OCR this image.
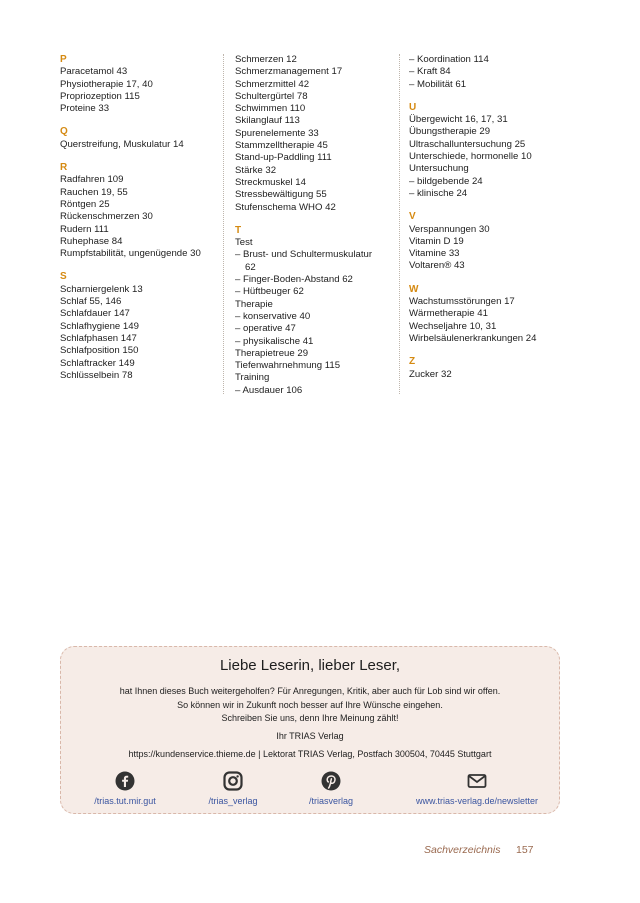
P
Paracetamol 43
Physiotherapie 17, 40
Propriozeption 115
Proteine 33
Q
Querstreifung, Muskulatur 14
R
Radfahren 109
Rauchen 19, 55
Röntgen 25
Rückenschmerzen 30
Rudern 111
Ruhephase 84
Rumpfstabilität, ungenügende 30
S
Scharniergelenk 13
Schlaf 55, 146
Schlafdauer 147
Schlafhygiene 149
Schlafphasen 147
Schlafposition 150
Schlaftracker 149
Schlüsselbein 78
Schmerzen 12
Schmerzmanagement 17
Schmerzmittel 42
Schultergürtel 78
Schwimmen 110
Skilanglauf 113
Spurenelemente 33
Stammzelltherapie 45
Stand-up-Paddling 111
Stärke 32
Streckmuskel 14
Stressbewältigung 55
Stufenschema WHO 42
T
Test
– Brust- und Schultermuskulatur
62
– Finger-Boden-Abstand 62
– Hüftbeuger 62
Therapie
– konservative 40
– operative 47
– physikalische 41
Therapietreue 29
Tiefenwahrnehmung 115
Training
– Ausdauer 106
– Koordination 114
– Kraft 84
– Mobilität 61
U
Übergewicht 16, 17, 31
Übungstherapie 29
Ultraschalluntersuchung 25
Unterschiede, hormonelle 10
Untersuchung
– bildgebende 24
– klinische 24
V
Verspannungen 30
Vitamin D 19
Vitamine 33
Voltaren® 43
W
Wachstumsstörungen 17
Wärmetherapie 41
Wechseljahre 10, 31
Wirbelsäulenerkrankungen 24
Z
Zucker 32
Liebe Leserin, lieber Leser,
hat Ihnen dieses Buch weitergeholfen? Für Anregungen, Kritik, aber auch für Lob sind wir offen.
So können wir in Zukunft noch besser auf Ihre Wünsche eingehen.
Schreiben Sie uns, denn Ihre Meinung zählt!
Ihr TRIAS Verlag
https://kundenservice.thieme.de | Lektorat TRIAS Verlag, Postfach 300504, 70445 Stuttgart
/trias.tut.mir.gut	/trias_verlag	/triasverlag	www.trias-verlag.de/newsletter
Sachverzeichnis 157
